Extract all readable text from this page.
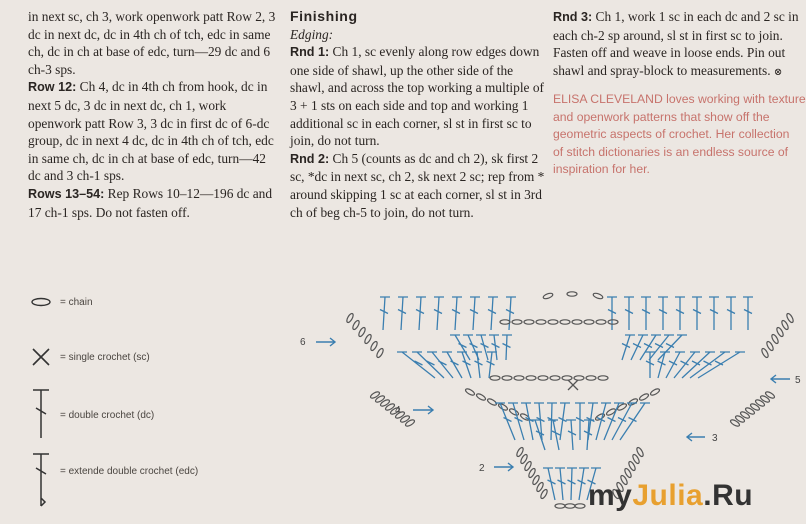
in next sc, ch 3, work openwork patt Row 2, 3 dc in next dc, dc in 4th ch of tch, edc in same ch, dc in ch at base of edc, turn—29 dc and 6 ch-3 sps.

Row 12: Ch 4, dc in 4th ch from hook, dc in next 5 dc, 3 dc in next dc, ch 1, work openwork patt Row 3, 3 dc in first dc of 6-dc group, dc in next 4 dc, dc in 4th ch of tch, edc in same ch, dc in ch at base of edc, turn—42 dc and 3 ch-1 sps.

Rows 13–54: Rep Rows 10–12—196 dc and 17 ch-1 sps. Do not fasten off.

Finishing

Edging:

Rnd 1: Ch 1, sc evenly along row edges down one side of shawl, up the other side of the shawl, and across the top working a multiple of 3 + 1 sts on each side and top and working 1 additional sc in each corner, sl st in first sc to join, do not turn.

Rnd 2: Ch 5 (counts as dc and ch 2), sk first 2 sc, *dc in next sc, ch 2, sk next 2 sc; rep from * around skipping 1 sc at each corner, sl st in 3rd ch of beg ch-5 to join, do not turn.

Rnd 3: Ch 1, work 1 sc in each dc and 2 sc in each ch-2 sp around, sl st in first sc to join. Fasten off and weave in loose ends. Pin out shawl and spray-block to measurements. ⊗

ELISA CLEVELAND loves working with texture
and openwork patterns that show off the
geometric aspects of crochet. Her collection
of stitch dictionaries is an endless source of
inspiration for her.

= chain
= single crochet (sc)
= double crochet (dc)
= extende double crochet (edc)
6
5
4
3
2
myJulia.Ru
